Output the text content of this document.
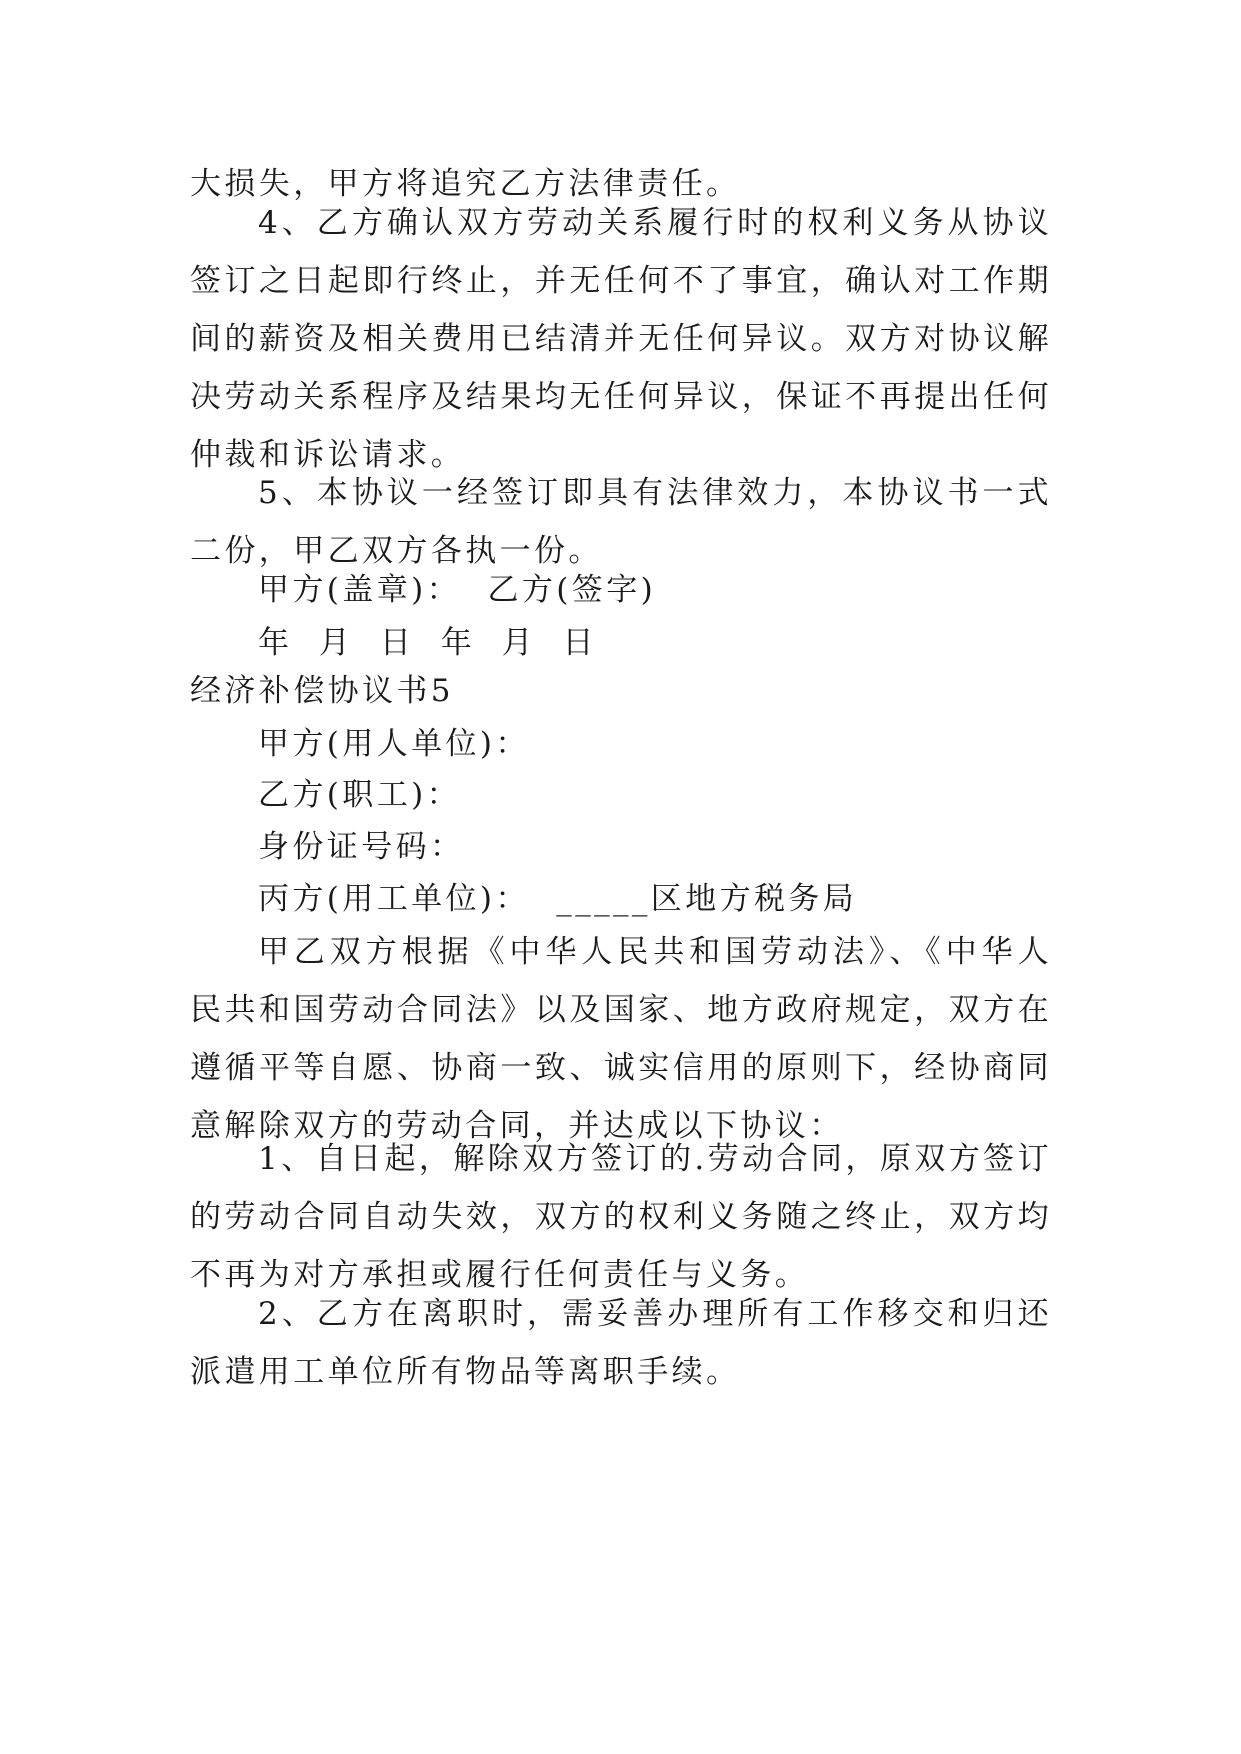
大损失，甲方将追究乙方法律责任。

4、乙方确认双方劳动关系履行时的权利义务从协议签订之日起即行终止，并无任何不了事宜，确认对工作期间的薪资及相关费用已结清并无任何异议。双方对协议解决劳动关系程序及结果均无任何异议，保证不再提出任何仲裁和诉讼请求。

5、本协议一经签订即具有法律效力，本协议书一式二份，甲乙双方各执一份。

甲方(盖章)：  乙方(签字)

年  月  日  年  月  日

经济补偿协议书5

甲方(用人单位)：

乙方(职工)：

身份证号码：

丙方(用工单位)：  _____区地方税务局

甲乙双方根据《中华人民共和国劳动法》、《中华人民共和国劳动合同法》以及国家、地方政府规定，双方在遵循平等自愿、协商一致、诚实信用的原则下，经协商同意解除双方的劳动合同，并达成以下协议：

1、自日起，解除双方签订的.劳动合同，原双方签订的劳动合同自动失效，双方的权利义务随之终止，双方均不再为对方承担或履行任何责任与义务。

2、乙方在离职时，需妥善办理所有工作移交和归还派遣用工单位所有物品等离职手续。
